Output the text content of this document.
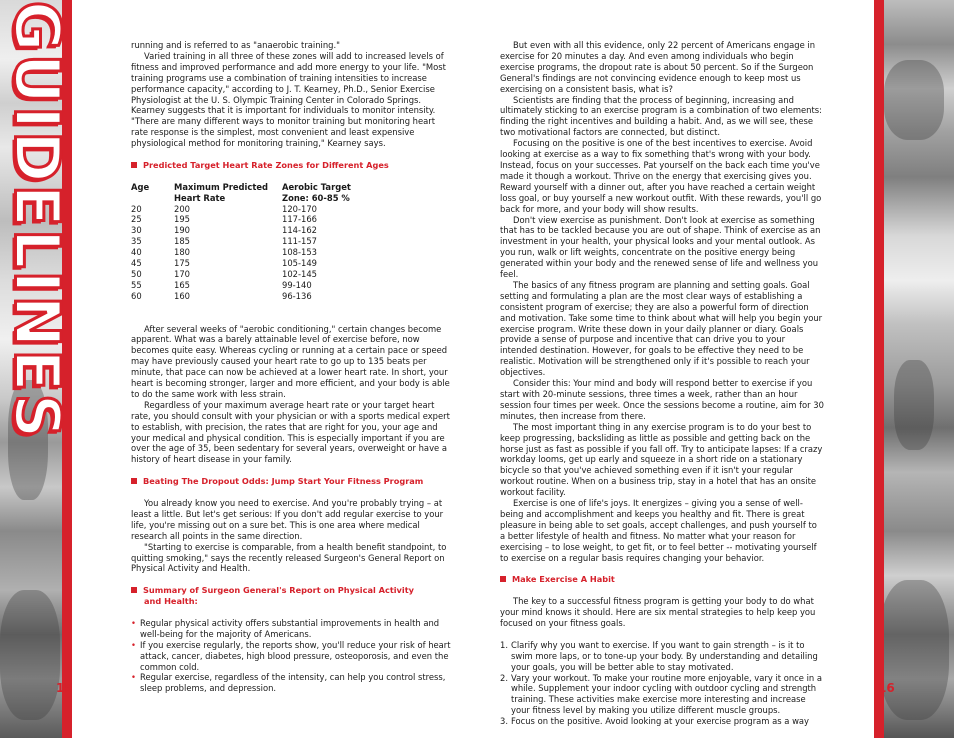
GUIDELINES
15	16

running and is referred to as "anaerobic training."

Varied training in all three of these zones will add to increased levels of fitness and improved performance and add more energy to your life. "Most training programs use a combination of training intensities to increase performance capacity," according to J. T. Kearney, Ph.D., Senior Exercise Physiologist at the U. S. Olympic Training Center in Colorado Springs. Kearney suggests that it is important for individuals to monitor intensity. "There are many different ways to monitor training but monitoring heart rate response is the simplest, most convenient and least expensive physiological method for monitoring training," Kearney says.

Predicted Target Heart Rate Zones for Different Ages

Age	Maximum Predicted	Aerobic Target
	Heart Rate	Zone: 60-85 %
20	200	120-170
25	195	117-166
30	190	114-162
35	185	111-157
40	180	108-153
45	175	105-149
50	170	102-145
55	165	99-140
60	160	96-136

After several weeks of "aerobic conditioning," certain changes become apparent. What was a barely attainable level of exercise before, now becomes quite easy. Whereas cycling or running at a certain pace or speed may have previously caused your heart rate to go up to 135 beats per minute, that pace can now be achieved at a lower heart rate. In short, your heart is becoming stronger, larger and more efficient, and your body is able to do the same work with less strain.

Regardless of your maximum average heart rate or your target heart rate, you should consult with your physician or with a sports medical expert to establish, with precision, the rates that are right for you, your age and your medical and physical condition. This is especially important if you are over the age of 35, been sedentary for several years, overweight or have a history of heart disease in your family.

Beating The Dropout Odds: Jump Start Your Fitness Program

You already know you need to exercise. And you're probably trying – at least a little. But let's get serious: If you don't add regular exercise to your life, you're missing out on a sure bet. This is one area where medical research all points in the same direction.

"Starting to exercise is comparable, from a health benefit standpoint, to quitting smoking," says the recently released Surgeon's General Report on Physical Activity and Health.

Summary of Surgeon General's Report on Physical Activity
and Health:

• Regular physical activity offers substantial improvements in health and well-being for the majority of Americans.
• If you exercise regularly, the reports show, you'll reduce your risk of heart attack, cancer, diabetes, high blood pressure, osteoporosis, and even the common cold.
• Regular exercise, regardless of the intensity, can help you control stress, sleep problems, and depression.

But even with all this evidence, only 22 percent of Americans engage in exercise for 20 minutes a day. And even among individuals who begin exercise programs, the dropout rate is about 50 percent. So if the Surgeon General's findings are not convincing evidence enough to keep most us exercising on a consistent basis, what is?

Scientists are finding that the process of beginning, increasing and ultimately sticking to an exercise program is a combination of two elements: finding the right incentives and building a habit. And, as we will see, these two motivational factors are connected, but distinct.

Focusing on the positive is one of the best incentives to exercise. Avoid looking at exercise as a way to fix something that's wrong with your body. Instead, focus on your successes. Pat yourself on the back each time you've made it though a workout. Thrive on the energy that exercising gives you. Reward yourself with a dinner out, after you have reached a certain weight loss goal, or buy yourself a new workout outfit. With these rewards, you'll go back for more, and your body will show results.

Don't view exercise as punishment. Don't look at exercise as something that has to be tackled because you are out of shape. Think of exercise as an investment in your health, your physical looks and your mental outlook. As you run, walk or lift weights, concentrate on the positive energy being generated within your body and the renewed sense of life and wellness you feel.

The basics of any fitness program are planning and setting goals. Goal setting and formulating a plan are the most clear ways of establishing a consistent program of exercise; they are also a powerful form of direction and motivation. Take some time to think about what will help you begin your exercise program. Write these down in your daily planner or diary. Goals provide a sense of purpose and incentive that can drive you to your intended destination. However, for goals to be effective they need to be realistic. Motivation will be strengthened only if it's possible to reach your objectives.

Consider this: Your mind and body will respond better to exercise if you start with 20-minute sessions, three times a week, rather than an hour session four times per week. Once the sessions become a routine, aim for 30 minutes, then increase from there.

The most important thing in any exercise program is to do your best to keep progressing, backsliding as little as possible and getting back on the horse just as fast as possible if you fall off. Try to anticipate lapses: If a crazy workday looms, get up early and squeeze in a short ride on a stationary bicycle so that you've achieved something even if it isn't your regular workout routine. When on a business trip, stay in a hotel that has an onsite workout facility.

Exercise is one of life's joys. It energizes – giving you a sense of well-being and accomplishment and keeps you healthy and fit. There is great pleasure in being able to set goals, accept challenges, and push yourself to a better lifestyle of health and fitness. No matter what your reason for exercising – to lose weight, to get fit, or to feel better -- motivating yourself to exercise on a regular basis requires changing your behavior.

Make Exercise A Habit

The key to a successful fitness program is getting your body to do what your mind knows it should. Here are six mental strategies to help keep you focused on your fitness goals.

1. Clarify why you want to exercise. If you want to gain strength – is it to swim more laps, or to tone-up your body. By understanding and detailing your goals, you will be better able to stay motivated.
2. Vary your workout. To make your routine more enjoyable, vary it once in a while. Supplement your indoor cycling with outdoor cycling and strength training. These activities make exercise more interesting and increase your fitness level by making you utilize different muscle groups.
3. Focus on the positive. Avoid looking at your exercise program as a way
